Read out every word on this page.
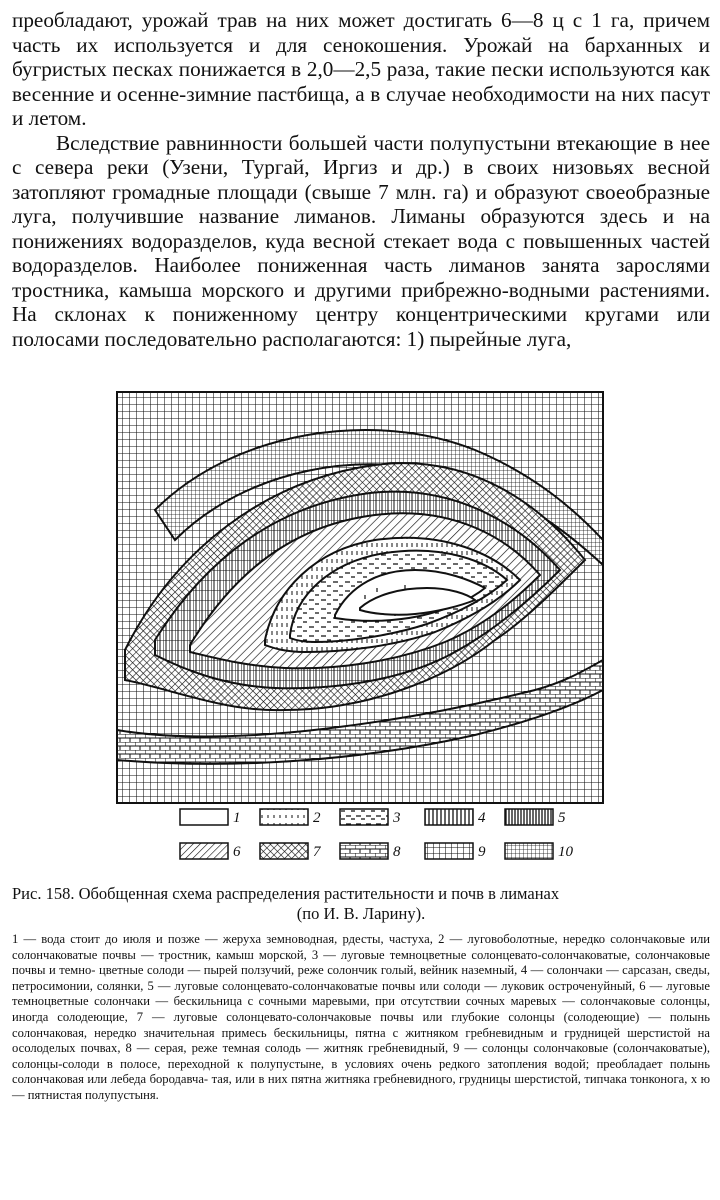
преобладают, урожай трав на них может достигать 6—8 ц с 1 га, причем часть их используется и для сенокошения. Урожай на барханных и бугристых песках понижается в 2,0—2,5 раза, такие пески используются как весенние и осенне-зимние пастбища, а в случае необходимости на них пасут и летом.

Вследствие равнинности большей части полупустыни втекающие в нее с севера реки (Узени, Тургай, Иргиз и др.) в своих низовьях весной затопляют громадные площади (свыше 7 млн. га) и образуют своеобразные луга, получившие название лиманов. Лиманы образуются здесь и на понижениях водоразделов, куда весной стекает вода с повышенных частей водоразделов. Наиболее пониженная часть лиманов занята зарослями тростника, камыша морского и другими прибрежно-водными растениями. На склонах к пониженному центру концентрическими кругами или полосами последовательно располагаются: 1) пырейные луга,

1	2	3	4	5
6	7	8	9	10
Рис. 158. Обобщенная схема распределения растительности и почв в лиманах
(по И. В. Ларину).

1 — вода стоит до июля и позже — жеруха земноводная, рдесты, частуха, 2 — луговоболотные, нередко солончаковые или солончаковатые почвы — тростник, камыш морской, 3 — луговые темноцветные солонцевато-солончаковатые, солончаковые почвы и темно- цветные солоди — пырей ползучий, реже солончик голый, вейник наземный, 4 — солончаки — сарсазан, сведы, петросимонии, солянки, 5 — луговые солонцевато-солончаковатые почвы или солоди — луковик остроченуйный, 6 — луговые темноцветные солончаки — бескильница с сочными маревыми, при отсутствии сочных маревых — солончаковые солонцы, иногда солодеющие, 7 — луговые солонцевато-солончаковые почвы или глубокие солонцы (солодеющие) — полынь солончаковая, нередко значительная примесь бескильницы, пятна с житняком гребневидным и грудницей шерстистой на осолоделых почвах, 8 — серая, реже темная солодь — житняк гребневидный, 9 — солонцы солончаковые (солончаковатые), солонцы-солоди в полосе, переходной к полупустыне, в условиях очень редкого затопления водой; преобладает полынь солончаковая или лебеда бородавча- тая, или в них пятна житняка гребневидного, грудницы шерстистой, типчака тонконога, х ю — пятнистая полупустыня.
